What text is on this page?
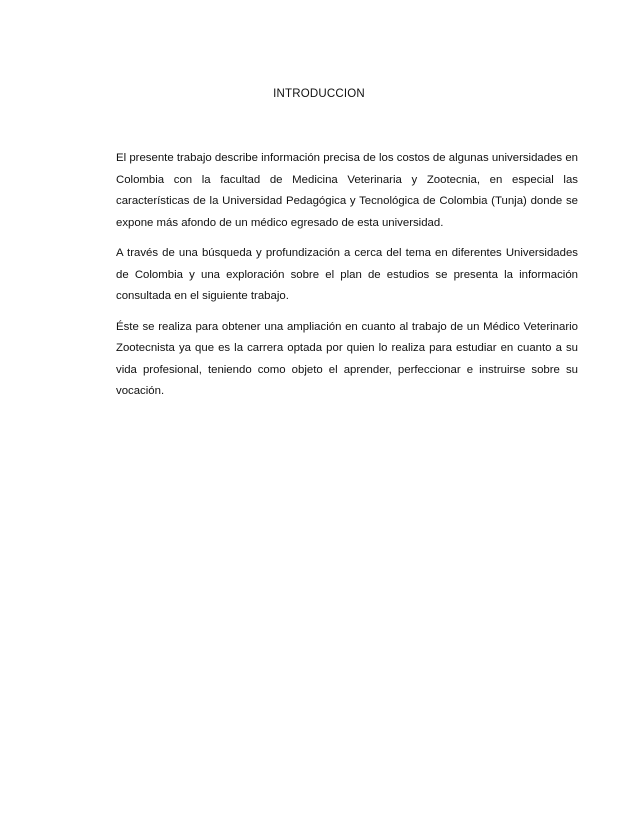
INTRODUCCION

El presente trabajo describe información precisa de los costos de algunas universidades en Colombia con la facultad de Medicina Veterinaria y Zootecnia, en especial las características de la Universidad Pedagógica y Tecnológica de Colombia (Tunja) donde se expone más afondo de un médico egresado de esta universidad.

A través de una búsqueda y profundización a cerca del tema en diferentes Universidades de Colombia y una exploración sobre el plan de estudios se presenta la información consultada en el siguiente trabajo.

Éste se realiza para obtener una ampliación en cuanto al trabajo de un Médico Veterinario Zootecnista ya que es la carrera optada por quien lo realiza para estudiar en cuanto a su vida profesional, teniendo como objeto el aprender, perfeccionar e instruirse sobre su vocación.
